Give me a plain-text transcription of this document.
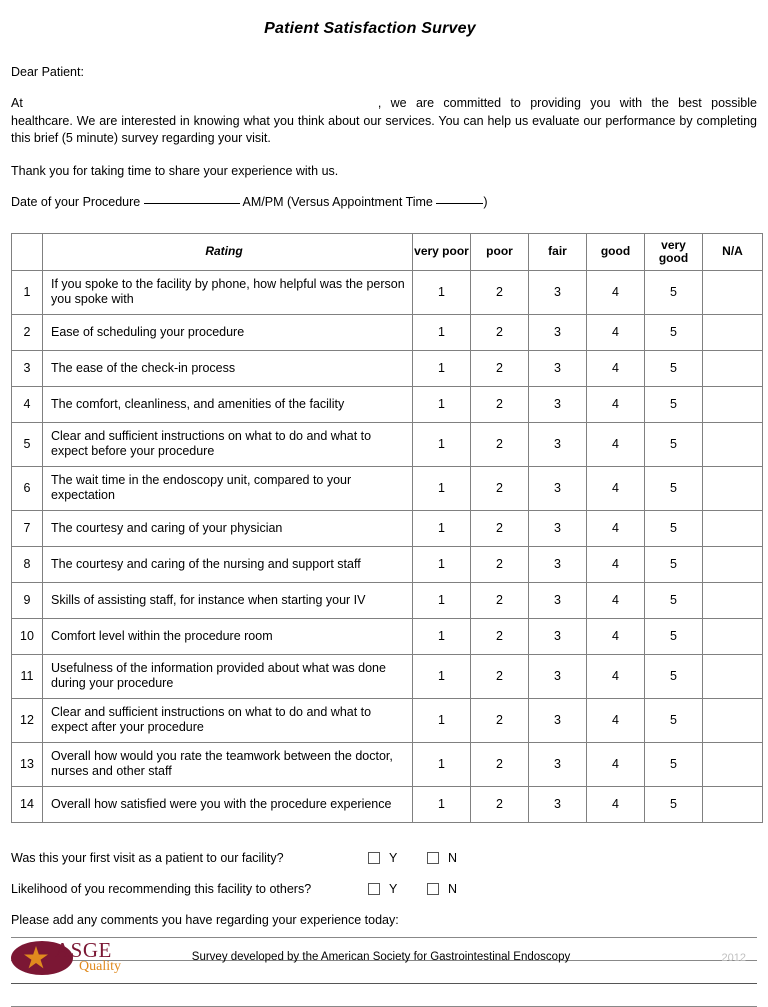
Patient Satisfaction Survey
Dear Patient:
At	, we are committed to providing you with the best possible healthcare. We are interested in knowing what you think about our services. You can help us evaluate our performance by completing this brief (5 minute) survey regarding your visit.
Thank you for taking time to share your experience with us.
Date of your Procedure	AM/PM (Versus Appointment Time	)
	Rating	very poor	poor	fair	good	very good	N/A
1	If you spoke to the facility by phone, how helpful was the person you spoke with	1	2	3	4	5	
2	Ease of scheduling your procedure	1	2	3	4	5	
3	The ease of the check-in process	1	2	3	4	5	
4	The comfort, cleanliness, and amenities of the facility	1	2	3	4	5	
5	Clear and sufficient instructions on what to do and what to expect before your procedure	1	2	3	4	5	
6	The wait time in the endoscopy unit, compared to your expectation	1	2	3	4	5	
7	The courtesy and caring of your physician	1	2	3	4	5	
8	The courtesy and caring of the nursing and support staff	1	2	3	4	5	
9	Skills of assisting staff, for instance when starting your IV	1	2	3	4	5	
10	Comfort level within the procedure room	1	2	3	4	5	
11	Usefulness of the information provided about what was done during your procedure	1	2	3	4	5	
12	Clear and sufficient instructions on what to do and what to expect after your procedure	1	2	3	4	5	
13	Overall how would you rate the teamwork between the doctor, nurses and other staff	1	2	3	4	5	
14	Overall how satisfied were you with the procedure experience	1	2	3	4	5	
Was this your first visit as a patient to our facility?	Y	N
Likelihood of you recommending this facility to others?	Y	N
Please add any comments you have regarding your experience today:
ASGE
Quality
Survey developed by the American Society for Gastrointestinal Endoscopy	2012
